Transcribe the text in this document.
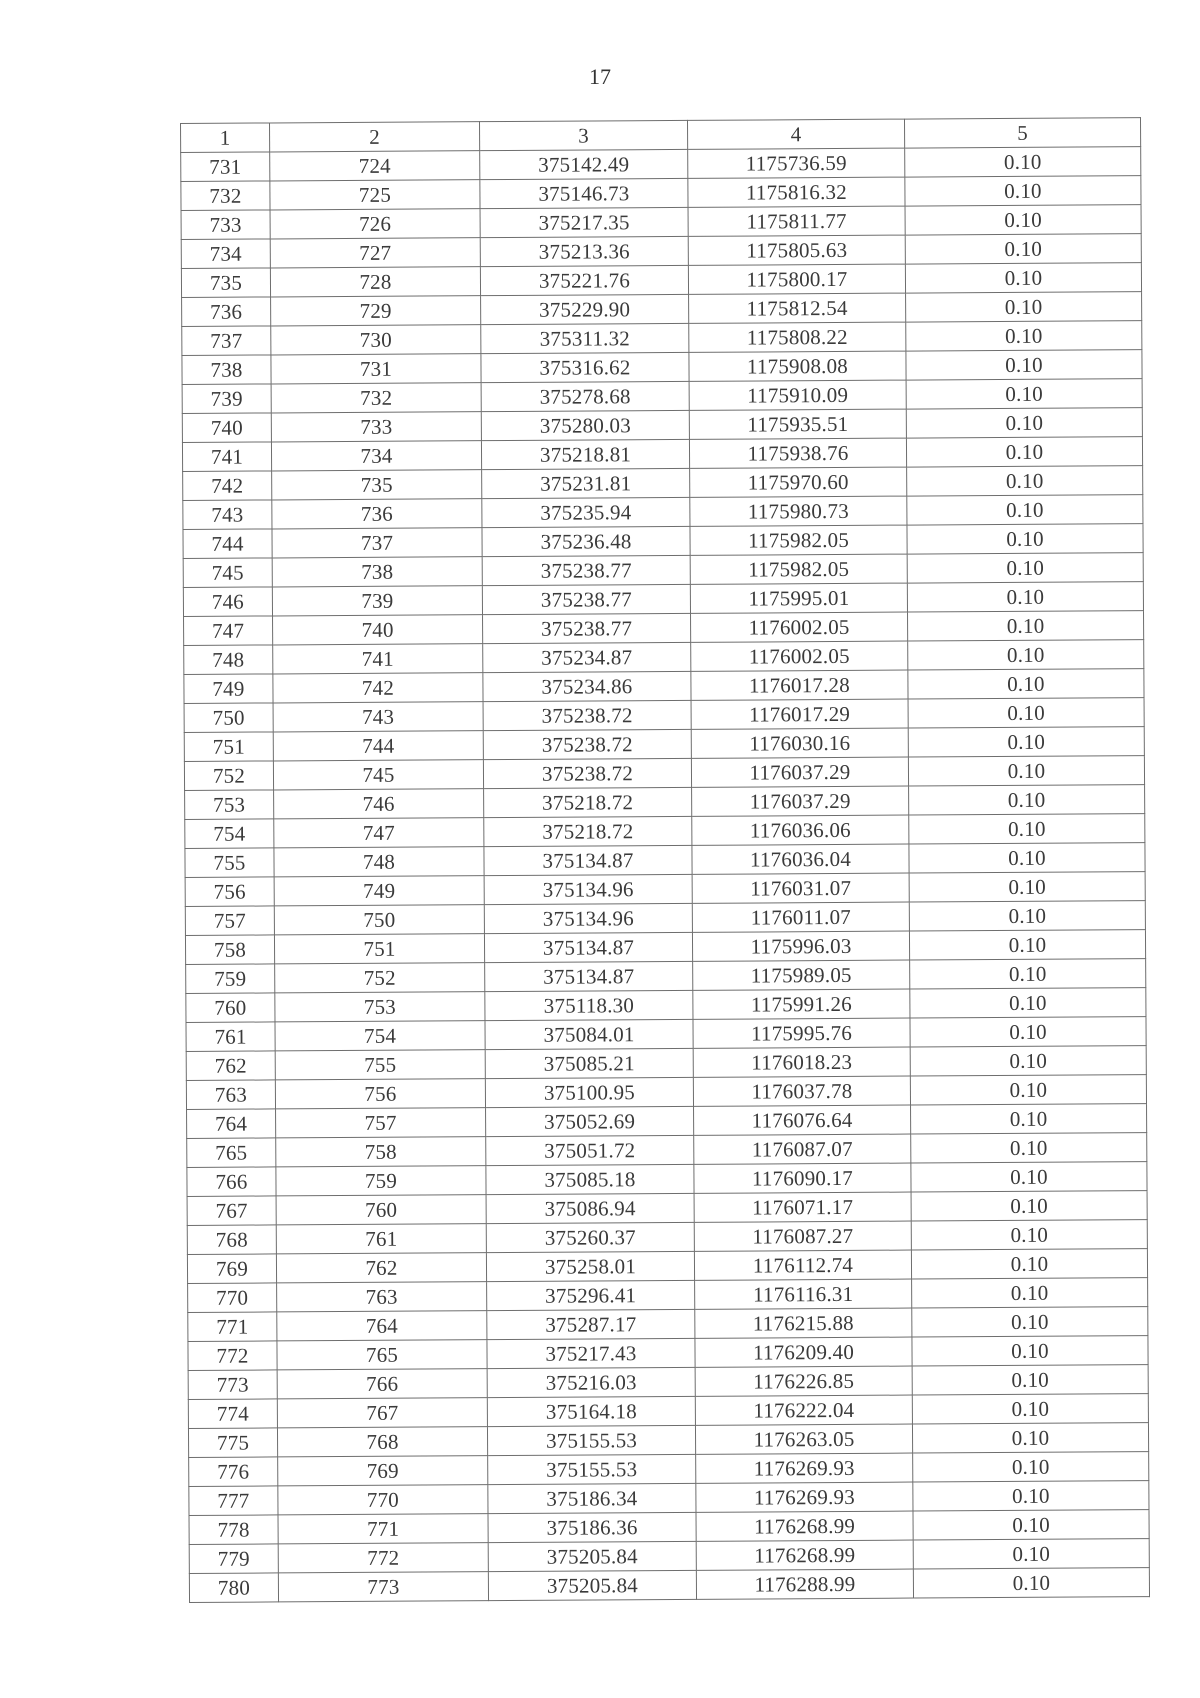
17
1	2	3	4	5
731	724	375142.49	1175736.59	0.10
732	725	375146.73	1175816.32	0.10
733	726	375217.35	1175811.77	0.10
734	727	375213.36	1175805.63	0.10
735	728	375221.76	1175800.17	0.10
736	729	375229.90	1175812.54	0.10
737	730	375311.32	1175808.22	0.10
738	731	375316.62	1175908.08	0.10
739	732	375278.68	1175910.09	0.10
740	733	375280.03	1175935.51	0.10
741	734	375218.81	1175938.76	0.10
742	735	375231.81	1175970.60	0.10
743	736	375235.94	1175980.73	0.10
744	737	375236.48	1175982.05	0.10
745	738	375238.77	1175982.05	0.10
746	739	375238.77	1175995.01	0.10
747	740	375238.77	1176002.05	0.10
748	741	375234.87	1176002.05	0.10
749	742	375234.86	1176017.28	0.10
750	743	375238.72	1176017.29	0.10
751	744	375238.72	1176030.16	0.10
752	745	375238.72	1176037.29	0.10
753	746	375218.72	1176037.29	0.10
754	747	375218.72	1176036.06	0.10
755	748	375134.87	1176036.04	0.10
756	749	375134.96	1176031.07	0.10
757	750	375134.96	1176011.07	0.10
758	751	375134.87	1175996.03	0.10
759	752	375134.87	1175989.05	0.10
760	753	375118.30	1175991.26	0.10
761	754	375084.01	1175995.76	0.10
762	755	375085.21	1176018.23	0.10
763	756	375100.95	1176037.78	0.10
764	757	375052.69	1176076.64	0.10
765	758	375051.72	1176087.07	0.10
766	759	375085.18	1176090.17	0.10
767	760	375086.94	1176071.17	0.10
768	761	375260.37	1176087.27	0.10
769	762	375258.01	1176112.74	0.10
770	763	375296.41	1176116.31	0.10
771	764	375287.17	1176215.88	0.10
772	765	375217.43	1176209.40	0.10
773	766	375216.03	1176226.85	0.10
774	767	375164.18	1176222.04	0.10
775	768	375155.53	1176263.05	0.10
776	769	375155.53	1176269.93	0.10
777	770	375186.34	1176269.93	0.10
778	771	375186.36	1176268.99	0.10
779	772	375205.84	1176268.99	0.10
780	773	375205.84	1176288.99	0.10
